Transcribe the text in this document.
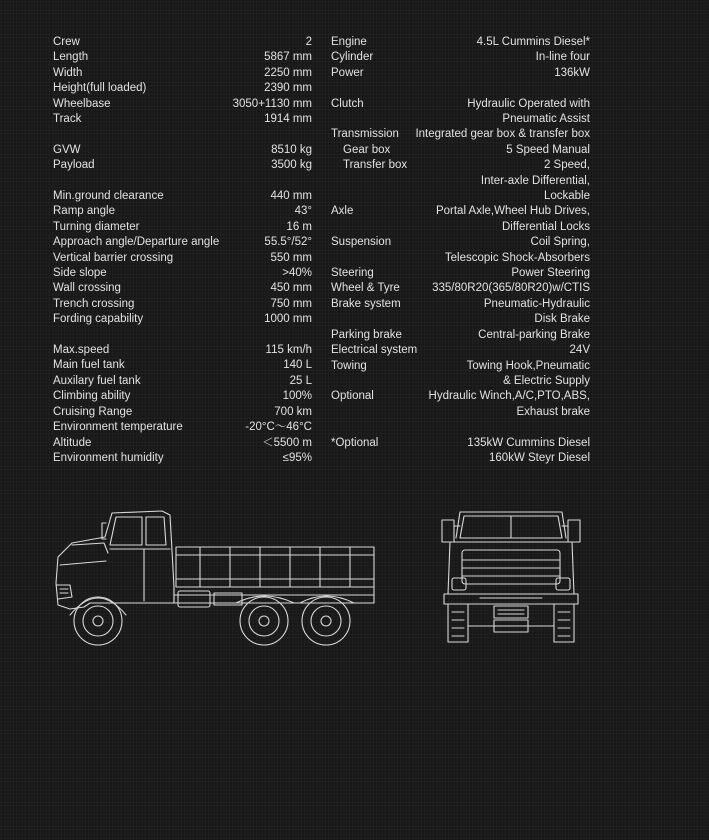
Crew	2
Length	5867 mm
Width	2250 mm
Height(full loaded)	2390 mm
Wheelbase	3050+1130 mm
Track	1914 mm
GVW	8510 kg
Payload	3500 kg
Min.ground clearance	440 mm
Ramp angle	43°
Turning diameter	16 m
Approach angle/Departure angle	55.5°/52°
Vertical barrier crossing	550 mm
Side slope	>40%
Wall crossing	450 mm
Trench crossing	750 mm
Fording capability	1000 mm
Max.speed	115 km/h
Main fuel tank	140 L
Auxilary fuel tank	25 L
Climbing ability	100%
Cruising Range	700 km
Environment temperature	-20°C～46°C
Altitude	＜5500 m
Environment humidity	≤95%
Engine	4.5L Cummins Diesel*
Cylinder	In-line four
Power	136kW
Clutch	Hydraulic Operated with
Pneumatic Assist
Transmission	Integrated gear box & transfer box
Gear box	5 Speed Manual
Transfer box	2 Speed,
Inter-axle Differential,
Lockable
Axle	Portal Axle,Wheel Hub Drives,
Differential Locks
Suspension	Coil Spring,
Telescopic Shock-Absorbers
Steering	Power Steering
Wheel & Tyre	335/80R20(365/80R20)w/CTIS
Brake system	Pneumatic-Hydraulic
Disk Brake
Parking brake	Central-parking Brake
Electrical system	24V
Towing	Towing Hook,Pneumatic
& Electric Supply
Optional	Hydraulic Winch,A/C,PTO,ABS,
Exhaust brake
*Optional	135kW Cummins Diesel
160kW Steyr Diesel
